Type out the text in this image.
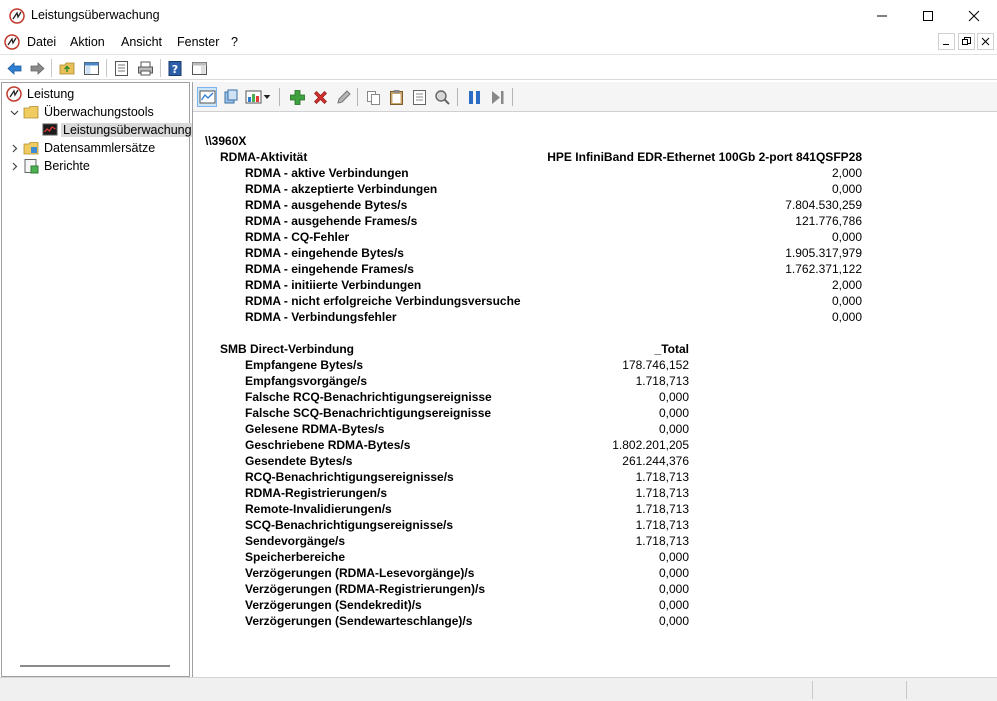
Leistungsüberwachung
Datei Aktion Ansicht Fenster ?
?
Leistung
Überwachungstools
Leistungsüberwachung
Datensammlersätze
Berichte
\\3960X
RDMA-Aktivität	HPE InfiniBand EDR-Ethernet 100Gb 2-port 841QSFP28
RDMA - aktive Verbindungen	2,000
RDMA - akzeptierte Verbindungen	0,000
RDMA - ausgehende Bytes/s	7.804.530,259
RDMA - ausgehende Frames/s	121.776,786
RDMA - CQ-Fehler	0,000
RDMA - eingehende Bytes/s	1.905.317,979
RDMA - eingehende Frames/s	1.762.371,122
RDMA - initiierte Verbindungen	2,000
RDMA - nicht erfolgreiche Verbindungsversuche	0,000
RDMA - Verbindungsfehler	0,000
SMB Direct-Verbindung	_Total
Empfangene Bytes/s	178.746,152
Empfangsvorgänge/s	1.718,713
Falsche RCQ-Benachrichtigungsereignisse	0,000
Falsche SCQ-Benachrichtigungsereignisse	0,000
Gelesene RDMA-Bytes/s	0,000
Geschriebene RDMA-Bytes/s	1.802.201,205
Gesendete Bytes/s	261.244,376
RCQ-Benachrichtigungsereignisse/s	1.718,713
RDMA-Registrierungen/s	1.718,713
Remote-Invalidierungen/s	1.718,713
SCQ-Benachrichtigungsereignisse/s	1.718,713
Sendevorgänge/s	1.718,713
Speicherbereiche	0,000
Verzögerungen (RDMA-Lesevorgänge)/s	0,000
Verzögerungen (RDMA-Registrierungen)/s	0,000
Verzögerungen (Sendekredit)/s	0,000
Verzögerungen (Sendewarteschlange)/s	0,000
